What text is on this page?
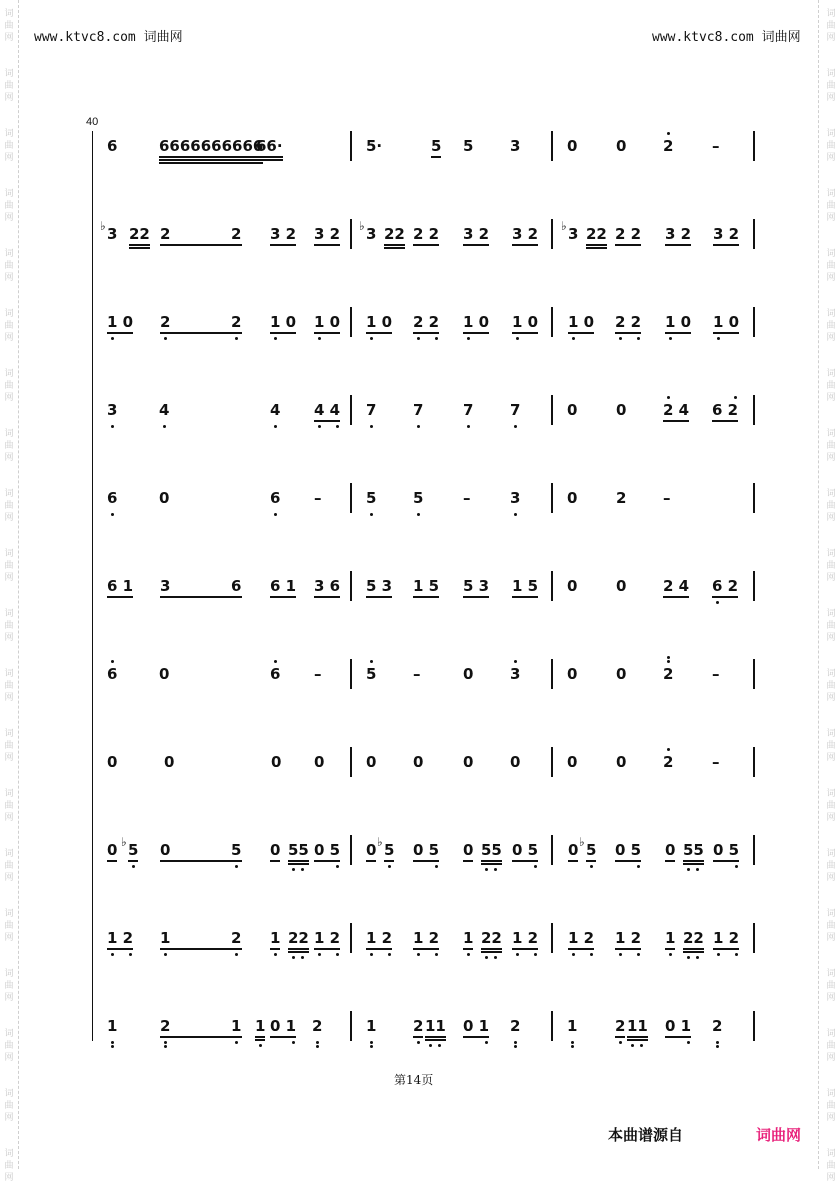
词
曲
网
词
曲
网
词
曲
网
词
曲
网
词
曲
网
词
曲
网
词
曲
网
词
曲
网
词
曲
网
词
曲
网
词
曲
网
词
曲
网
词
曲
网
词
曲
网
词
曲
网
词
曲
网
词
曲
网
词
曲
网
词
曲
网
词
曲
网
词
曲
网
词
曲
网
词
曲
网
词
曲
网
词
曲
网
词
曲
网
词
曲
网
词
曲
网
词
曲
网
词
曲
网
词
曲
网
词
曲
网
词
曲
网
词
曲
网
词
曲
网
词
曲
网
词
曲
网
词
曲
网
词
曲
网
词
曲
网
www.ktvc8.com 词曲网	www.ktvc8.com 词曲网
40
6	6666666666
66·	5·	5 5 3	0	0 2	–
♭ 3 22 2	2 3 2 3 2 ♭ 3 22 2 2 3 2 3 2 ♭ 3 22 2 2 3 2 3 2
1 0 2	2 1 0 1 0 1 0 2 2 1 0 1 0 1 0 2 2 1 0 1 0
3	4	4 4 4 7 7	7 7	0	0 2 4 6 2
6	0	6 –	5 5	–	3	0	2 –
6 1 3	6 6 1 3 6 5 3 1 5 5 3 1 5 0	0 2 4 6 2
6	0	6 –	5 –	0 3	0	0 2	–
0	0	0 0	0 0	0 0	0	0 2	–
0 ♭ 5 0	5 0 55 0 5 0 ♭ 5 0 5 0 55 0 5 0 ♭ 5 0 5 0 55 0 5
1 2 1	2 1 22 1 2 1 2 1 2 1 22 1 2 1 2 1 2 1 22 1 2
1	2	1 1 0 1 2	1 2 11 0 1 2	1	2 11 0 1 2
第14页
本曲谱源自	词曲网
